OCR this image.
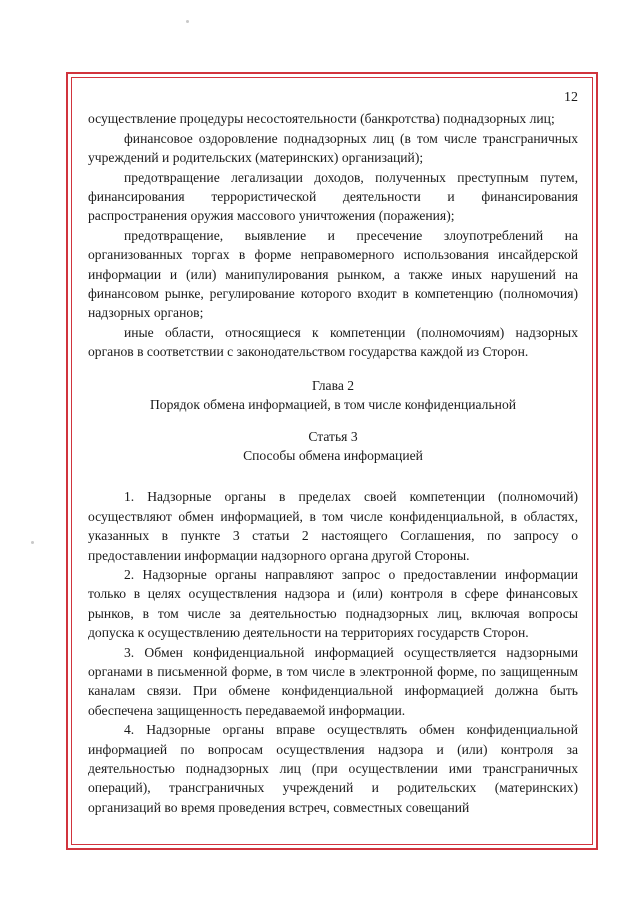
12

осуществление процедуры несостоятельности (банкротства) поднадзорных лиц;

финансовое оздоровление поднадзорных лиц (в том числе трансграничных учреждений и родительских (материнских) организаций);

предотвращение легализации доходов, полученных преступным путем, финансирования террористической деятельности и финансирования распространения оружия массового уничтожения (поражения);

предотвращение, выявление и пресечение злоупотреблений на организованных торгах в форме неправомерного использования инсайдерской информации и (или) манипулирования рынком, а также иных нарушений на финансовом рынке, регулирование которого входит в компетенцию (полномочия) надзорных органов;

иные области, относящиеся к компетенции (полномочиям) надзорных органов в соответствии с законодательством государства каждой из Сторон.

Глава 2
Порядок обмена информацией, в том числе конфиденциальной
Статья 3
Способы обмена информацией

1. Надзорные органы в пределах своей компетенции (полномочий) осуществляют обмен информацией, в том числе конфиденциальной, в областях, указанных в пункте 3 статьи 2 настоящего Соглашения, по запросу о предоставлении информации надзорного органа другой Стороны.

2. Надзорные органы направляют запрос о предоставлении информации только в целях осуществления надзора и (или) контроля в сфере финансовых рынков, в том числе за деятельностью поднадзорных лиц, включая вопросы допуска к осуществлению деятельности на территориях государств Сторон.

3. Обмен конфиденциальной информацией осуществляется надзорными органами в письменной форме, в том числе в электронной форме, по защищенным каналам связи. При обмене конфиденциальной информацией должна быть обеспечена защищенность передаваемой информации.

4. Надзорные органы вправе осуществлять обмен конфиденциальной информацией по вопросам осуществления надзора и (или) контроля за деятельностью поднадзорных лиц (при осуществлении ими трансграничных операций), трансграничных учреждений и родительских (материнских) организаций во время проведения встреч, совместных совещаний
